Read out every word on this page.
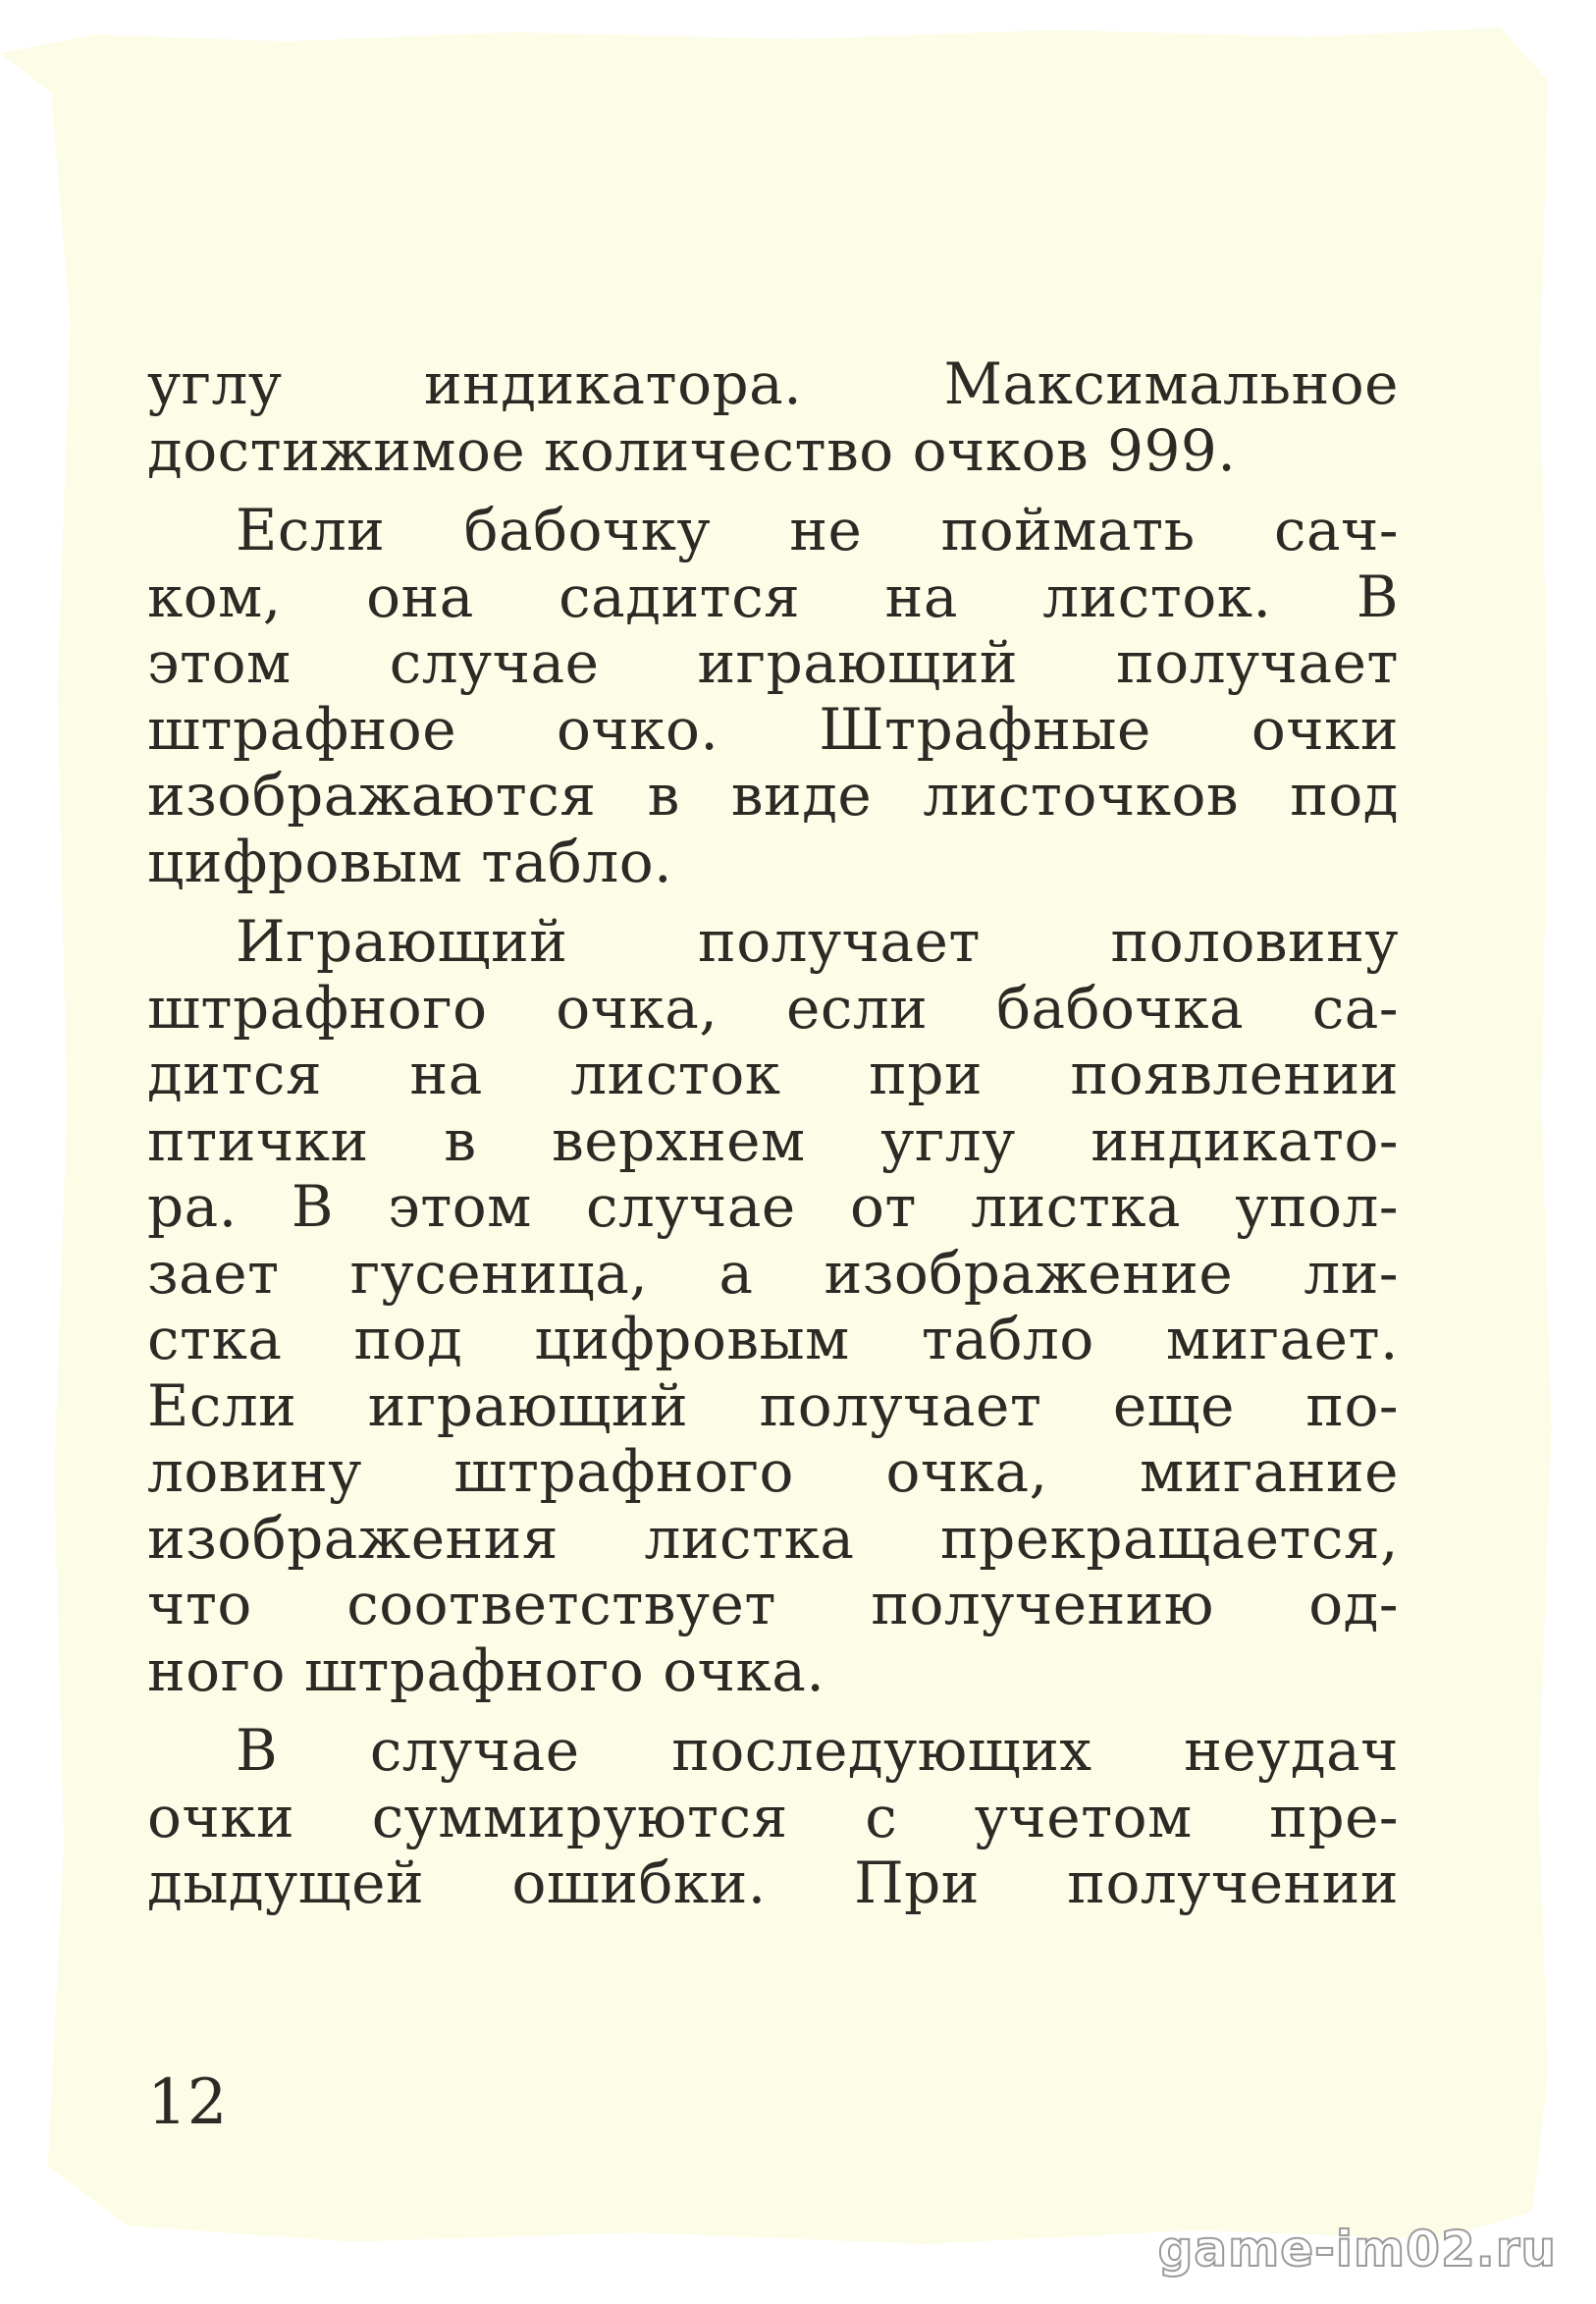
углу индикатора. Максимальное
достижимое количество очков 999.
Если бабочку не поймать сач-
ком, она садится на листок. В
этом случае играющий получает
штрафное очко. Штрафные очки
изображаются в виде листочков под
цифровым табло.
Играющий получает половину
штрафного очка, если бабочка са-
дится на листок при появлении
птички в верхнем углу индикато-
ра. В этом случае от листка упол-
зает гусеница, а изображение ли-
стка под цифровым табло мигает.
Если играющий получает еще по-
ловину штрафного очка, мигание
изображения листка прекращается,
что соответствует получению од-
ного штрафного очка.
В случае последующих неудач
очки суммируются с учетом пре-
дыдущей ошибки. При получении
12
game-im02.ru
